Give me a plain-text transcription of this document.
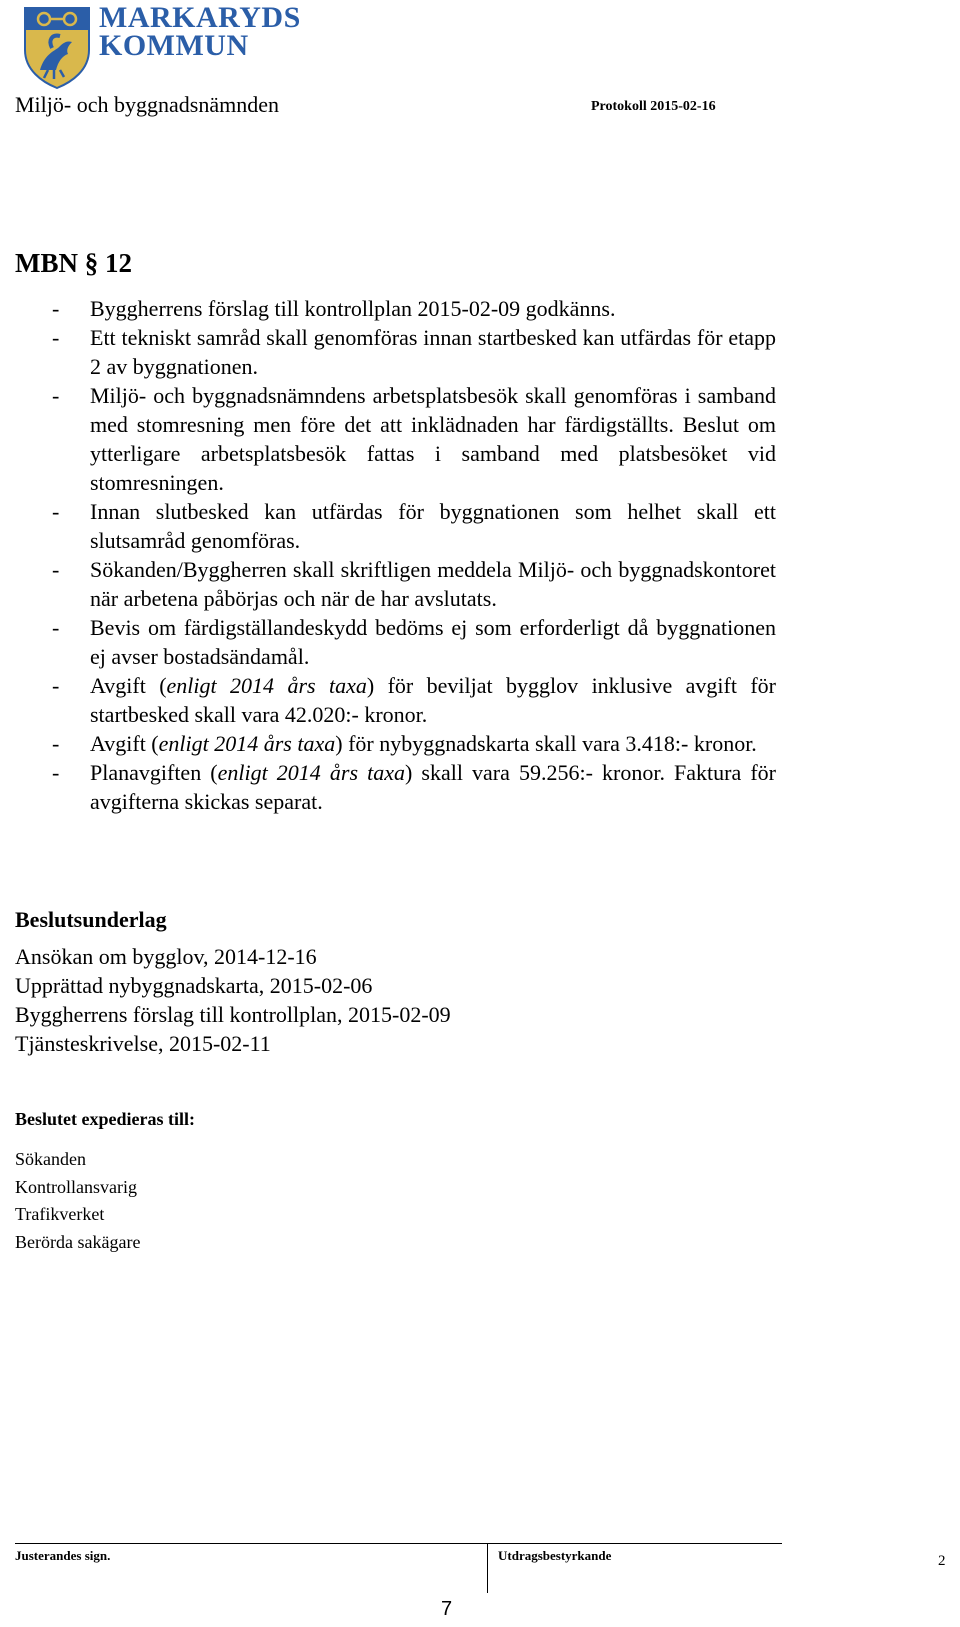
MARKARYDS
KOMMUN
Miljö- och byggnadsnämnden	Protokoll 2015-02-16
MBN § 12
- Byggherrens förslag till kontrollplan 2015-02-09 godkänns.
- Ett tekniskt samråd skall genomföras innan startbesked kan utfärdas för etapp 2 av byggnationen.
- Miljö- och byggnadsnämndens arbetsplatsbesök skall genomföras i samband med stomresning men före det att inklädnaden har färdigställts. Beslut om ytterligare arbetsplatsbesök fattas i samband med platsbesöket vid stomresningen.
- Innan slutbesked kan utfärdas för byggnationen som helhet skall ett slutsamråd genomföras.
- Sökanden/Byggherren skall skriftligen meddela Miljö- och byggnadskontoret när arbetena påbörjas och när de har avslutats.
- Bevis om färdigställandeskydd bedöms ej som erforderligt då byggnationen ej avser bostadsändamål.
- Avgift (enligt 2014 års taxa) för beviljat bygglov inklusive avgift för startbesked skall vara 42.020:- kronor.
- Avgift (enligt 2014 års taxa) för nybyggnadskarta skall vara 3.418:- kronor.
- Planavgiften (enligt 2014 års taxa) skall vara 59.256:- kronor. Faktura för avgifterna skickas separat.
Beslutsunderlag
Ansökan om bygglov, 2014-12-16
Upprättad nybyggnadskarta, 2015-02-06
Byggherrens förslag till kontrollplan, 2015-02-09
Tjänsteskrivelse, 2015-02-11
Beslutet expedieras till:
Sökanden
Kontrollansvarig
Trafikverket
Berörda sakägare
Justerandes sign.	Utdragsbestyrkande	2
7
